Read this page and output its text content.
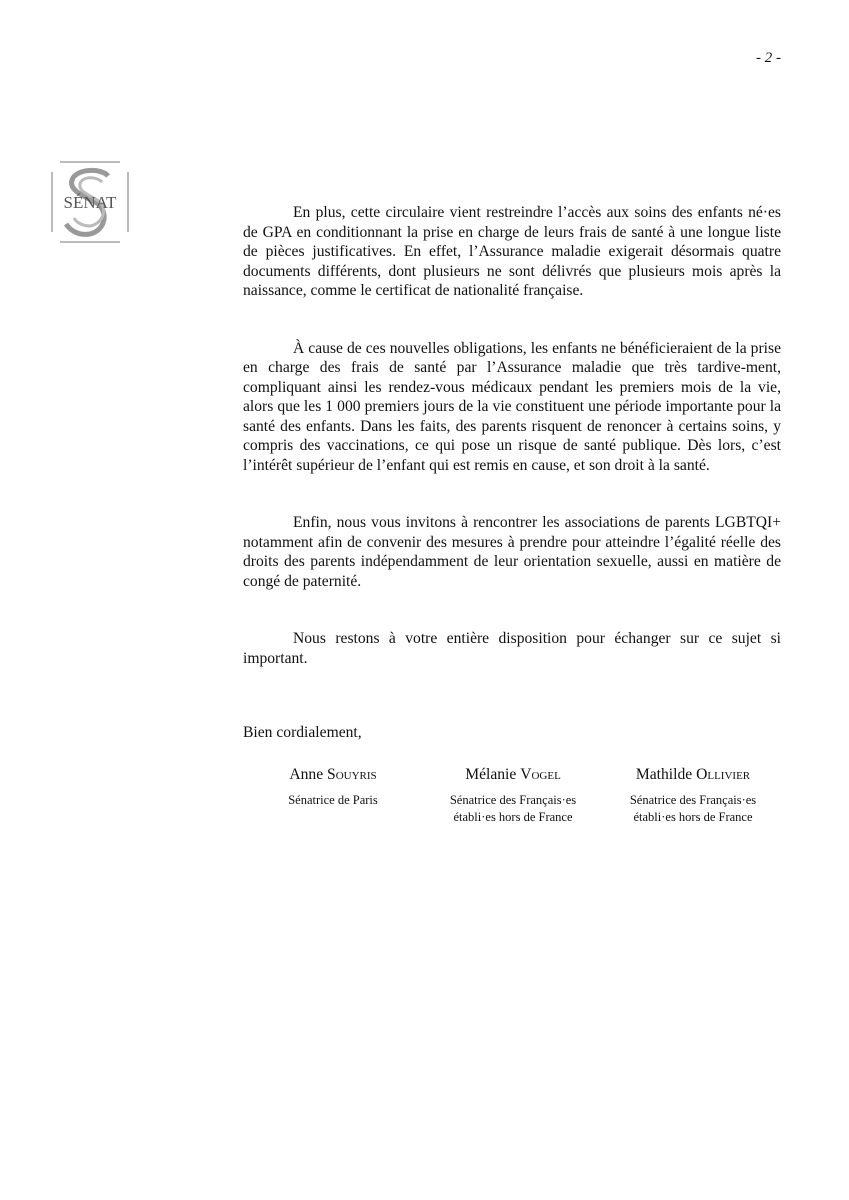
- 2 -
SÉNAT

En plus, cette circulaire vient restreindre l’accès aux soins des enfants né·es de GPA en conditionnant la prise en charge de leurs frais de santé à une longue liste de pièces justificatives. En effet, l’Assurance maladie exigerait désormais quatre documents différents, dont plusieurs ne sont délivrés que plusieurs mois après la naissance, comme le certificat de nationalité française.

À cause de ces nouvelles obligations, les enfants ne bénéficieraient de la prise en charge des frais de santé par l’Assurance maladie que très tardive-ment, compliquant ainsi les rendez-vous médicaux pendant les premiers mois de la vie, alors que les 1 000 premiers jours de la vie constituent une période importante pour la santé des enfants. Dans les faits, des parents risquent de renoncer à certains soins, y compris des vaccinations, ce qui pose un risque de santé publique. Dès lors, c’est l’intérêt supérieur de l’enfant qui est remis en cause, et son droit à la santé.

Enfin, nous vous invitons à rencontrer les associations de parents LGBTQI+ notamment afin de convenir des mesures à prendre pour atteindre l’égalité réelle des droits des parents indépendamment de leur orientation sexuelle, aussi en matière de congé de paternité.

Nous restons à votre entière disposition pour échanger sur ce sujet si important.

Bien cordialement,
Anne Souyris
Sénatrice de Paris
Mélanie Vogel
Sénatrice des Français·es
établi·es hors de France
Mathilde Ollivier
Sénatrice des Français·es
établi·es hors de France
